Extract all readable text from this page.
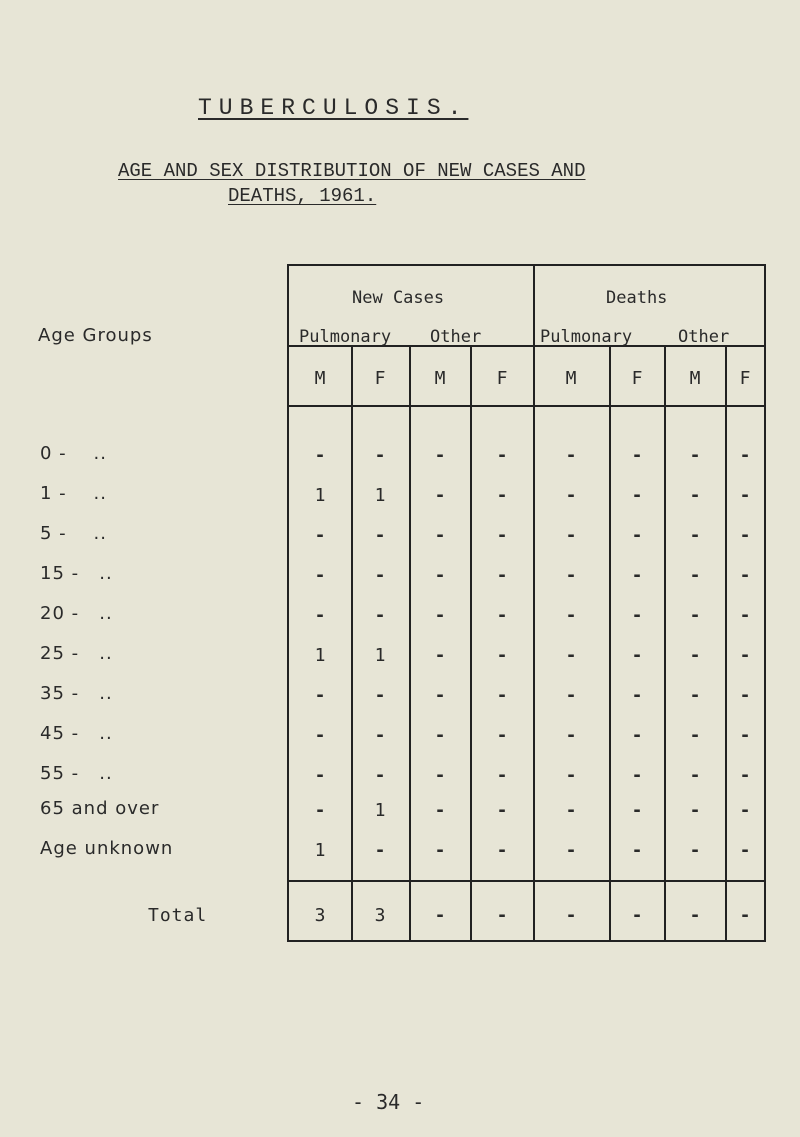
TUBERCULOSIS.
AGE AND SEX DISTRIBUTION OF NEW CASES AND
DEATHS, 1961.
New Cases	Deaths
Pulmonary Other	Pulmonary	Other
Age Groups
M	F	M	F	M	F	M	F
0 -    ..	-	-	-	-	-	-	-	-
1 -    ..	1	1	-	-	-	-	-	-
5 -    ..	-	-	-	-	-	-	-	-
15 -   ..	-	-	-	-	-	-	-	-
20 -   ..	-	-	-	-	-	-	-	-
25 -   ..	1	1	-	-	-	-	-	-
35 -   ..	-	-	-	-	-	-	-	-
45 -   ..	-	-	-	-	-	-	-	-
55 -   ..	-	-	-	-	-	-	-	-
65 and over	-	1	-	-	-	-	-	-
Age unknown	1	-	-	-	-	-	-	-
Total	3	3	-	-	-	-	-	-
- 34 -
